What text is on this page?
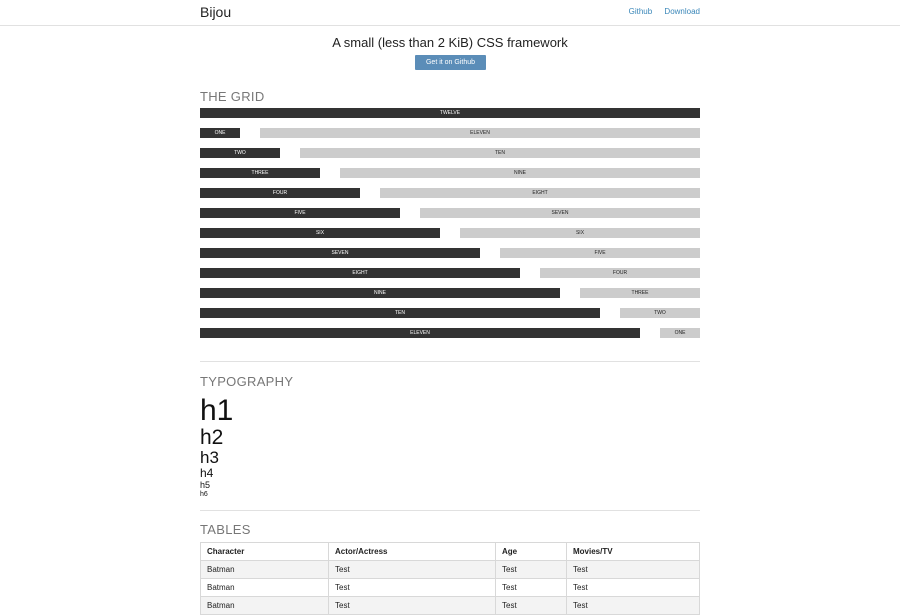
Bijou	Github Download
A small (less than 2 KiB) CSS framework
Get it on Github
THE GRID
TWELVE
ONE	ELEVEN
TWO	TEN
THREE	NINE
FOUR	EIGHT
FIVE	SEVEN
SIX	SIX
SEVEN	FIVE
EIGHT	FOUR
NINE	THREE
TEN	TWO
ELEVEN	ONE
TYPOGRAPHY
h1
h2
h3
h4
h5
h6
TABLES
Character	Actor/Actress	Age	Movies/TV
Batman	Test	Test	Test
Batman	Test	Test	Test
Batman	Test	Test	Test
